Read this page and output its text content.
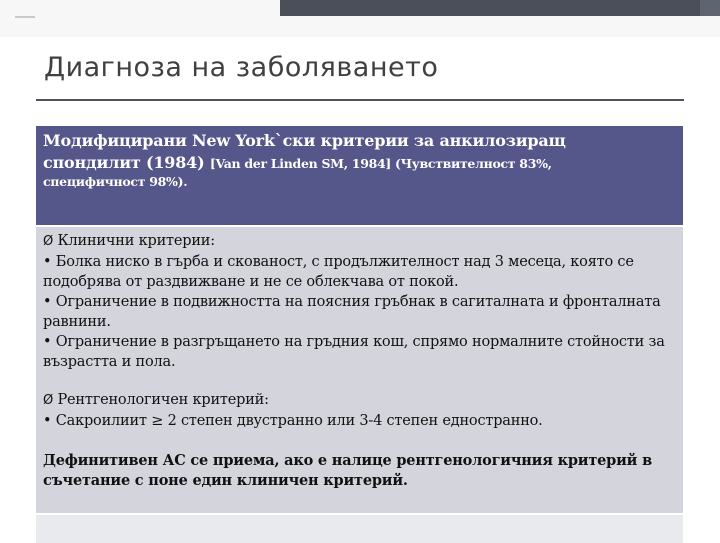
Диагноза на заболяването
Модифицирани New York`ски критерии за анкилозиращ
спондилит (1984) [Van der Linden SM, 1984] (Чувствителност 83%,
специфичност 98%).

Ø Клинични критерии:

• Болка ниско в гърба и скованост, с продължителност над 3 месеца, която се подобрява от раздвижване и не се облекчава от покой.

• Ограничение в подвижността на поясния гръбнак в сагиталната и фронталната равнини.

• Ограничение в разгръщането на гръдния кош, спрямо нормалните стойности за възрастта и пола.

Ø Рентгенологичен критерий:

• Сакроилиит ≥ 2 степен двустранно или 3-4 степен едностранно.

Дефинитивен АС се приема, ако е налице рентгенологичния критерий в съчетание с поне един клиничен критерий.
